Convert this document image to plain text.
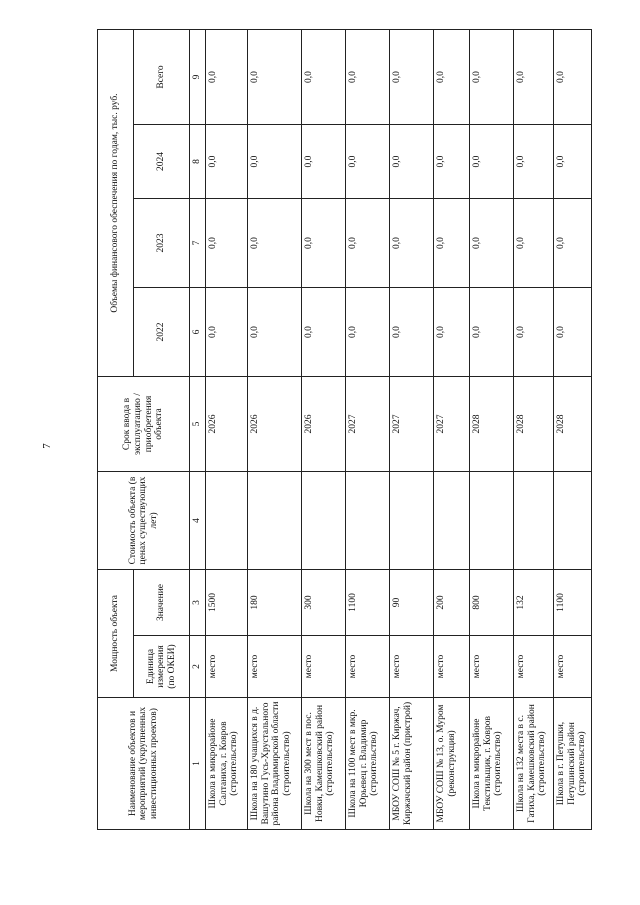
7
Наименование объектов и мероприятий (укрупненных инвестиционных проектов)	Мощность объекта		Стоимость объекта (в ценах существующих лет)	Срок ввода в эксплуатацию / приобретения объекта	Объемы финансового обеспечения по годам, тыс. руб.			
	Единица измерения (по ОКЕИ)	Значение			2022	2023	2024	Всего
1	2	3	4	5	6	7	8	9
Школа в микрорайоне Салтаниха, г. Ковров (строительство)	место	1500		2026	0,0	0,0	0,0	0,0
Школа на 180 учащихся в д. Вашутино Гусь-Хрустального района Владимирской области (строительство)	место	180		2026	0,0	0,0	0,0	0,0
Школа на 300 мест в пос. Новки, Камешковский район (строительство)	место	300		2026	0,0	0,0	0,0	0,0
Школа на 1100 мест в мкр. Юрьевец г. Владимир (строительство)	место	1100		2027	0,0	0,0	0,0	0,0
МБОУ СОШ № 5 г. Киржач, Киржачский район (пристрой)	место	90		2027	0,0	0,0	0,0	0,0
МБОУ СОШ № 13, о. Муром (реконструкция)	место	200		2027	0,0	0,0	0,0	0,0
Школа в микрорайоне Текстильщик, г. Ковров (строительство)	место	800		2028	0,0	0,0	0,0	0,0
Школа на 132 места в с. Гатиха, Камешковский район (строительство)	место	132		2028	0,0	0,0	0,0	0,0
Школа в г. Петушки, Петушинский район (строительство)	место	1100		2028	0,0	0,0	0,0	0,0
